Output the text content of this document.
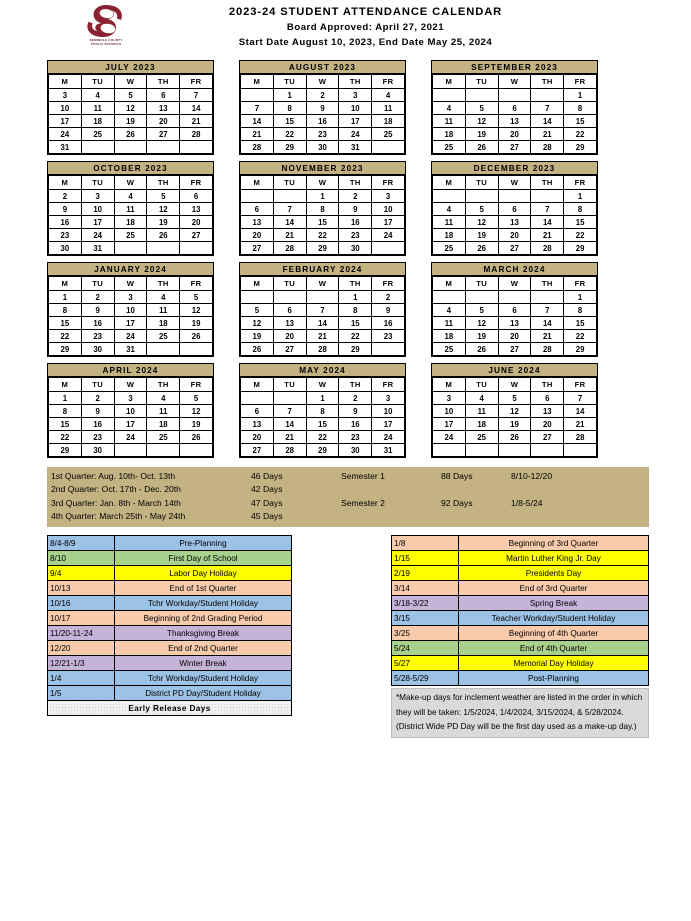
SEMINOLE COUNTY
PUBLIC SCHOOLS
2023-24 STUDENT ATTENDANCE CALENDAR
Board Approved: April 27, 2021
Start Date August 10, 2023, End Date May 25, 2024
JULY 2023
M	TU	W	TH	FR
3	4	5	6	7
10	11	12	13	14
17	18	19	20	21
24	25	26	27	28
31				
AUGUST 2023
M	TU	W	TH	FR
	1	2	3	4
7	8	9	10	11
14	15	16	17	18
21	22	23	24	25
28	29	30	31	
SEPTEMBER 2023
M	TU	W	TH	FR
				1
4	5	6	7	8
11	12	13	14	15
18	19	20	21	22
25	26	27	28	29
OCTOBER 2023
M	TU	W	TH	FR
2	3	4	5	6
9	10	11	12	13
16	17	18	19	20
23	24	25	26	27
30	31			
NOVEMBER 2023
M	TU	W	TH	FR
		1	2	3
6	7	8	9	10
13	14	15	16	17
20	21	22	23	24
27	28	29	30	
DECEMBER 2023
M	TU	W	TH	FR
				1
4	5	6	7	8
11	12	13	14	15
18	19	20	21	22
25	26	27	28	29
JANUARY 2024
M	TU	W	TH	FR
1	2	3	4	5
8	9	10	11	12
15	16	17	18	19
22	23	24	25	26
29	30	31		
FEBRUARY 2024
M	TU	W	TH	FR
			1	2
5	6	7	8	9
12	13	14	15	16
19	20	21	22	23
26	27	28	29	
MARCH 2024
M	TU	W	TH	FR
				1
4	5	6	7	8
11	12	13	14	15
18	19	20	21	22
25	26	27	28	29
APRIL 2024
M	TU	W	TH	FR
1	2	3	4	5
8	9	10	11	12
15	16	17	18	19
22	23	24	25	26
29	30			
MAY 2024
M	TU	W	TH	FR
		1	2	3
6	7	8	9	10
13	14	15	16	17
20	21	22	23	24
27	28	29	30	31
JUNE 2024
M	TU	W	TH	FR
3	4	5	6	7
10	11	12	13	14
17	18	19	20	21
24	25	26	27	28

1st Quarter: Aug. 10th- Oct. 13th	46 Days	Semester 1	88 Days	8/10-12/20
2nd Quarter: Oct. 17th - Dec. 20th	42 Days
3rd Quarter: Jan. 8th - March 14th	47 Days	Semester 2	92 Days	1/8-5/24
4th Quarter: March 25th - May 24th	45 Days
8/4-8/9	Pre-Planning
8/10	First Day of School
9/4	Labor Day Holiday
10/13	End of 1st Quarter
10/16	Tchr Workday/Student Holiday
10/17	Beginning of 2nd Grading Period
11/20-11-24	Thanksgiving Break
12/20	End of 2nd Quarter
12/21-1/3	Winter Break
1/4	Tchr Workday/Student Holiday
1/5	District PD Day/Student Holiday
Early Release Days	
1/8	Beginning of 3rd Quarter
1/15	Martin Luther King Jr. Day
2/19	Presidents Day
3/14	End of 3rd Quarter
3/18-3/22	Spring Break
3/15	Teacher Workday/Student Holiday
3/25	Beginning of 4th Quarter
5/24	End of 4th Quarter
5/27	Memorial Day Holiday
5/28-5/29	Post-Planning
*Make-up days for inclement weather are listed in the order in which they will be taken: 1/5/2024, 1/4/2024, 3/15/2024, & 5/28/2024. (District Wide PD Day will be the first day used as a make-up day.)
